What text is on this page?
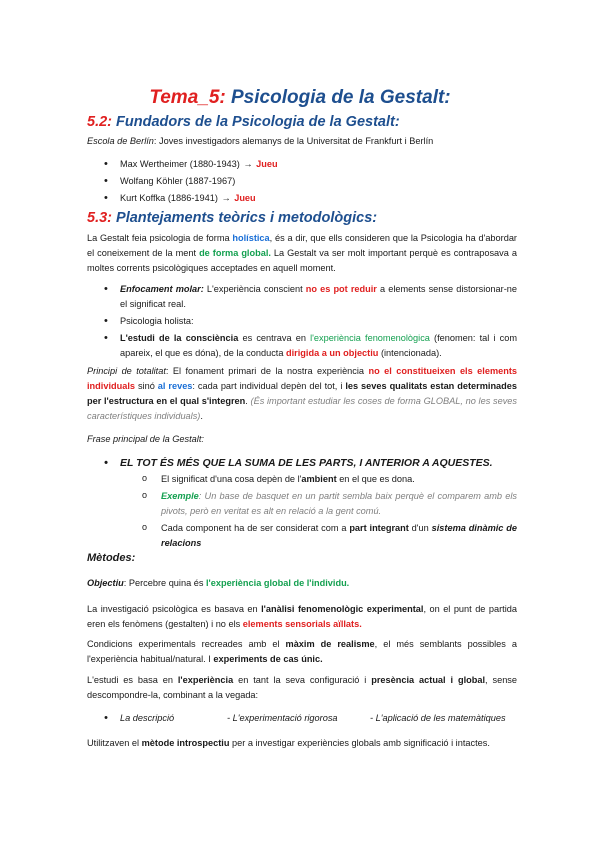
Tema_5: Psicologia de la Gestalt:
5.2: Fundadors de la Psicologia de la Gestalt:

Escola de Berlín: Joves investigadors alemanys de la Universitat de Frankfurt i Berlín

• Max Wertheimer (1880-1943) → Jueu
• Wolfang Köhler (1887-1967)
• Kurt Koffka (1886-1941) → Jueu
5.3: Plantejaments teòrics i metodològics:

La Gestalt feia psicologia de forma holística, és a dir, que ells consideren que la Psicologia ha d'abordar el coneixement de la ment de forma global. La Gestalt va ser molt important perquè es contraposava a moltes corrents psicològiques acceptades en aquell moment.

• Enfocament molar: L'experiència conscient no es pot reduir a elements sense distorsionar-ne el significat real.
• Psicologia holista:
• L'estudi de la consciència es centrava en l'experiència fenomenològica (fenomen: tal i com apareix, el que es dóna), de la conducta dirigida a un objectiu (intencionada).

Principi de totalitat: El fonament primari de la nostra experiència no el constitueixen els elements individuals sinó al reves: cada part individual depèn del tot, i les seves qualitats estan determinades per l'estructura en el qual s'integren. (És important estudiar les coses de forma GLOBAL, no les seves característiques individuals).

Frase principal de la Gestalt:

• EL TOT ÉS MÉS QUE LA SUMA DE LES PARTS, I ANTERIOR A AQUESTES.
o El significat d'una cosa depèn de l'ambient en el que es dona.
o Exemple: Un base de basquet en un partit sembla baix perquè el comparem amb els pivots, però en veritat es alt en relació a la gent comú.
o Cada component ha de ser considerat com a part integrant d'un sistema dinàmic de relacions
Mètodes:

Objectiu: Percebre quina és l'experiència global de l'individu.

La investigació psicològica es basava en l'anàlisi fenomenològic experimental, on el punt de partida eren els fenòmens (gestalten) i no els elements sensorials aïllats.

Condicions experimentals recreades amb el màxim de realisme, el més semblants possibles a l'experiència habitual/natural. I experiments de cas únic.

L'estudi es basa en l'experiència en tant la seva configuració i presència actual i global, sense descompondre-la, combinant a la vegada:

• La descripció	- L'experimentació rigorosa	- L'aplicació de les matemàtiques

Utilitzaven el mètode introspectiu per a investigar experiències globals amb significació i intactes.
